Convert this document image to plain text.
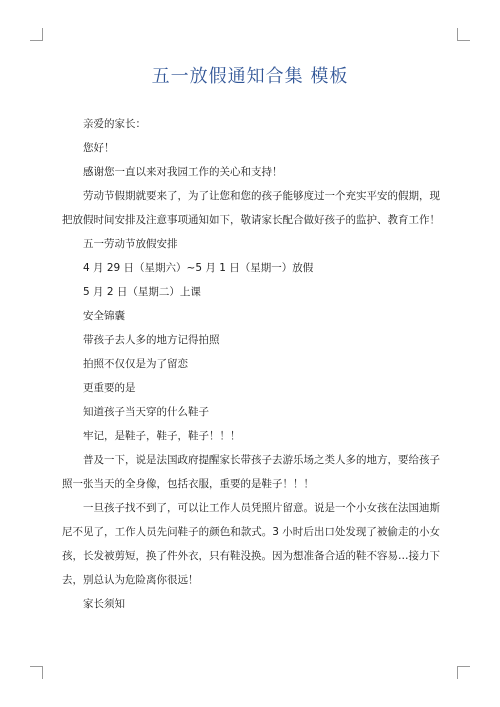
五一放假通知合集 模板

亲爱的家长：

您好！

感谢您一直以来对我园工作的关心和支持！

劳动节假期就要来了，为了让您和您的孩子能够度过一个充实平安的假期，现把放假时间安排及注意事项通知如下，敬请家长配合做好孩子的监护、教育工作！

五一劳动节放假安排

4 月 29 日（星期六）~5 月 1 日（星期一）放假

5 月 2 日（星期二）上课

安全锦囊

带孩子去人多的地方记得拍照

拍照不仅仅是为了留恋

更重要的是

知道孩子当天穿的什么鞋子

牢记，是鞋子，鞋子，鞋子！！！

普及一下，说是法国政府提醒家长带孩子去游乐场之类人多的地方，要给孩子照一张当天的全身像，包括衣服，重要的是鞋子！！！

一旦孩子找不到了，可以让工作人员凭照片留意。说是一个小女孩在法国迪斯尼不见了，工作人员先问鞋子的颜色和款式。3 小时后出口处发现了被偷走的小女孩，长发被剪短，换了件外衣，只有鞋没换。因为想准备合适的鞋不容易…接力下去，别总认为危险离你很远！

家长须知
